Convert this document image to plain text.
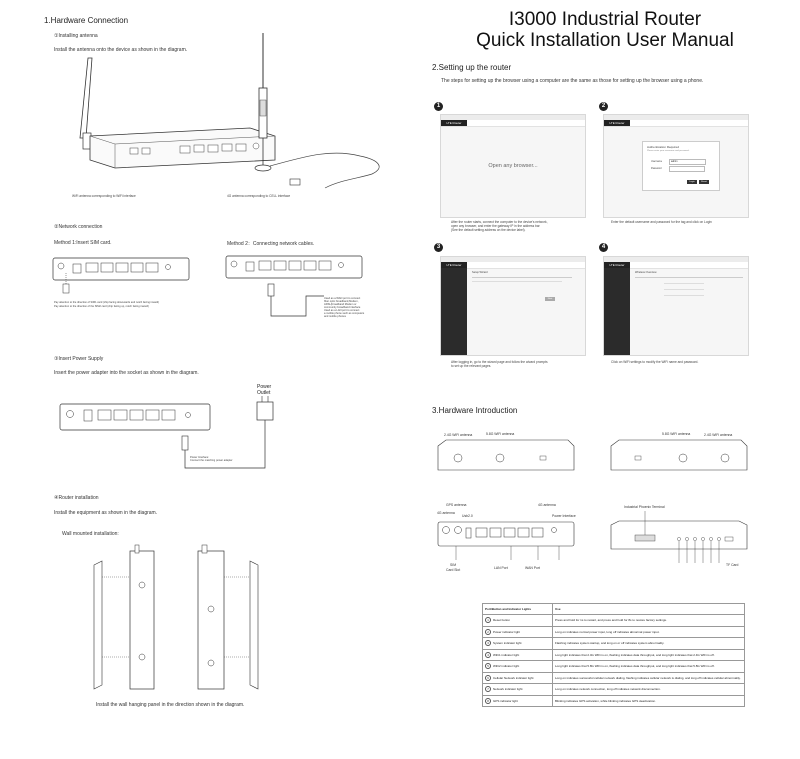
I3000 Industrial Router
Quick Installation User Manual
1.Hardware Connection
①Installing antenna
Install the antenna onto the device as shown in the diagram.
WiFi antenna corresponding to WiFi interface	4G antenna corresponding to CELL interface
②Network connection
Method 1:Insert SIM card.	Method 2：Connecting network cables.
Pay attention to the direction of SIM1 card (chip facing downwards and notch facing inward)
Pay attention to the direction of the SIM2 card (chip facing up, notch facing inward)
Used as a WAN port to connect
fiber optic broadband,Modem,
ADSL(broadband Modem or
community broadband interface
Used as a LAN port to connect
a mobile phone such as computers
and mobile phones
③Insert Power Supply
Insert the power adapter into the socket as shown in the diagram.
Power
Outlet
Power Interface：
Connect the matching power adapter
④Router installation
Install the equipment as shown in the diagram.
Wall mounted installation:
Install the wall hanging panel in the direction shown in the diagram.
2.Setting up the router
The steps for setting up the browser using a computer are the same as those for setting up the browser using a phone.
1
LTE Router
Open any browser...
After the router starts, connect the computer to the device's network,
open any browser, and enter the gateway IP in the address bar
(See the default setting address on the device label).
2
LTE Router
Authentication Required
Please enter your username and password.
Username	admin
Password
Login	Reset
Enter the default username and password for the tag and click on Login
3
LTE Router
Setup Wizard
Next
After logging in, go to the wizard page and follow the wizard prompts
to set up the relevant pages.
4
LTE Router
Wireless Overview
Click on WiFi settings to modify the WiFi name and password.
3.Hardware Introduction
2.4G WiFi antenna	5.8G WiFi antenna	5.8G WiFi antenna	2.4G WiFi antenna
GPS antenna
4G antenna
4G antenna
Usb2.0	Power Interface
SIM
Card Slot	LAN Port	WAN Port
Industrial Phoenix Terminal
TF Card
Port/Button and Indicator Lights	Use
1 Reset button	Press and hold for 1s to restart, and press and hold for 8s to restore factory settings.
2 Power indicator light	Long on indicates normal power input, long off indicates abnormal power input.
3 System indicator light	Flashing indicates system startup, and long on or off indicates system abnormality.
4 WiFi1 indicator light	Long light indicates that 2.4G WiFi is on, flashing indicates data throughput, and long light indicates that 2.4G WiFi is off.
5 WiFi2 indicator light	Long light indicates that 5.8G WiFi is on, flashing indicates data throughput, and long light indicates that 5.8G WiFi is off.
6 Cellular Network indicator light	Long on indicates successful cellular network dialing, flashing indicates cellular network is dialing, and long off indicates cellular abnormality.
7 Network indicator light	Long on indicates network connection, long off indicates network disconnection.
8 GPS indicator light	Blinking indicates GPS activation, while blinking indicates GPS deactivation.
